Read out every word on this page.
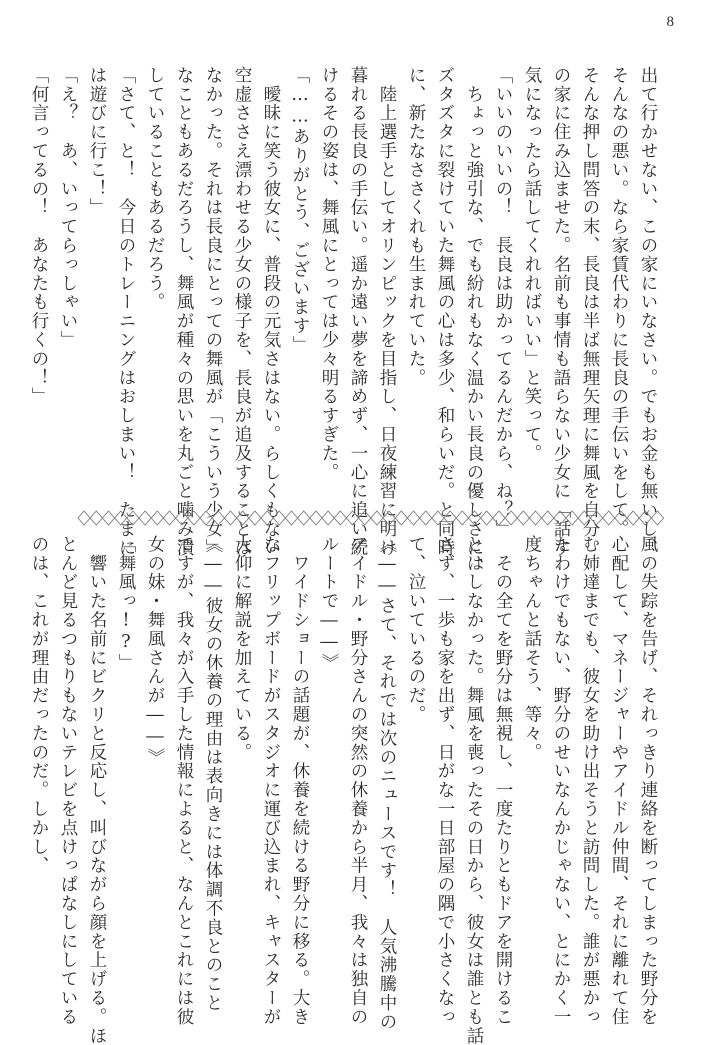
8

出て行かせない、この家にいなさい。でもお金も無いし、

そんなの悪い。なら家賃代わりに長良の手伝いをして。

そんな押し問答の末、長良は半ば無理矢理に舞風を自分

の家に住み込ませた。名前も事情も語らない少女に「話す

気になったら話してくれればいい」と笑って。

「いいのいいの！　長良は助かってるんだから、ね？」

　ちょっと強引な、でも紛れもなく温かい長良の優しさに、

ズタズタに裂けていた舞風の心は多少、和らいだ。と同時

に、新たなささくれも生まれていた。

　陸上選手としてオリンピックを目指し、日夜練習に明け

暮れる長良の手伝い。遥か遠い夢を諦めず、一心に追い続

けるその姿は、舞風にとっては少々明るすぎた。

「……ありがとう、ございます」

　曖昧に笑う彼女に、普段の元気さはない。らしくもない

空虚ささえ漂わせる少女の様子を、長良が追及することは

なかった。それは長良にとっての舞風が「こういう少女」

なこともあるだろうし、舞風が種々の思いを丸ごと噛み潰

していることもあるだろう。

「さて、と！　今日のトレーニングはおしまい！　たまに

は遊びに行こ！」

「え？　あ、いってらっしゃい」

「何言ってるの！　あなたも行くの！」

風の失踪を告げ、それっきり連絡を断ってしまった野分を

心配して、マネージャーやアイドル仲間、それに離れて住

む姉達までも、彼女を助け出そうと訪問した。誰が悪かっ

たわけでもない、野分のせいなんかじゃない、とにかく一

度ちゃんと話そう、等々。

　その全てを野分は無視し、一度たりともドアを開けるこ

とはしなかった。舞風を喪ったその日から、彼女は誰とも話

さず、一歩も家を出ず、日がな一日部屋の隅で小さくなっ

て、泣いているのだ。

《――さて、それでは次のニュースです！　人気沸騰中の

アイドル・野分さんの突然の休養から半月、我々は独自の

ルートで――》

　ワイドショーの話題が、休養を続ける野分に移る。大き

なフリップボードがスタジオに運び込まれ、キャスターが

大仰に解説を加えている。

《――彼女の休養の理由は表向きには体調不良とのこと

ですが、我々が入手した情報によると、なんとこれには彼

女の妹・舞風さんが――》

「舞風っ!?」

　響いた名前にビクリと反応し、叫びながら顔を上げる。ほ

とんど見るつもりもないテレビを点けっぱなしにしている

のは、これが理由だったのだ。しかし、
